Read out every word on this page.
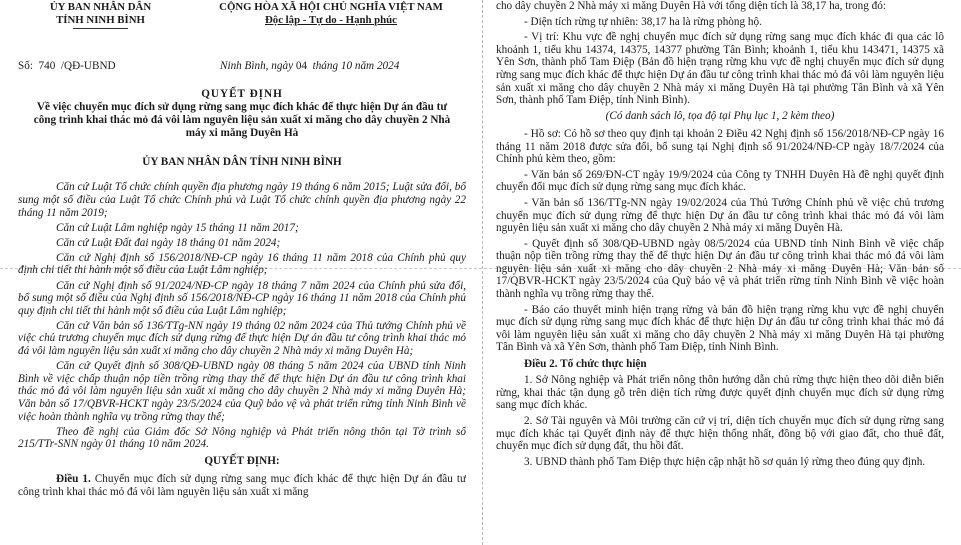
ỦY BAN NHÂN DÂN
TỈNH NINH BÌNH
CỘNG HÒA XÃ HỘI CHỦ NGHĨA VIỆT NAM
Độc lập - Tự do - Hạnh phúc
Số: 740 /QĐ-UBND	Ninh Bình, ngày 04 tháng 10 năm 2024
QUYẾT ĐỊNH
Về việc chuyển mục đích sử dụng rừng sang mục đích khác để thực hiện Dự án đầu tư công trình khai thác mỏ đá vôi làm nguyên liệu sản xuất xi măng cho dây chuyền 2 Nhà máy xi măng Duyên Hà
ỦY BAN NHÂN DÂN TỈNH NINH BÌNH

Căn cứ Luật Tổ chức chính quyền địa phương ngày 19 tháng 6 năm 2015; Luật sửa đổi, bổ sung một số điều của Luật Tổ chức Chính phủ và Luật Tổ chức chính quyền địa phương ngày 22 tháng 11 năm 2019;

Căn cứ Luật Lâm nghiệp ngày 15 tháng 11 năm 2017;

Căn cứ Luật Đất đai ngày 18 tháng 01 năm 2024;

Căn cứ Nghị định số 156/2018/NĐ-CP ngày 16 tháng 11 năm 2018 của Chính phủ quy định chi tiết thi hành một số điều của Luật Lâm nghiệp;

Căn cứ Nghị định số 91/2024/NĐ-CP ngày 18 tháng 7 năm 2024 của Chính phủ sửa đổi, bổ sung một số điều của Nghị định số 156/2018/NĐ-CP ngày 16 tháng 11 năm 2018 của Chính phủ quy định chi tiết thi hành một số điều của Luật Lâm nghiệp;

Căn cứ Văn bản số 136/TTg-NN ngày 19 tháng 02 năm 2024 của Thủ tướng Chính phủ về việc chủ trương chuyển mục đích sử dụng rừng để thực hiện Dự án đầu tư công trình khai thác mỏ đá vôi làm nguyên liệu sản xuất xi măng cho dây chuyền 2 Nhà máy xi măng Duyên Hà;

Căn cứ Quyết định số 308/QĐ-UBND ngày 08 tháng 5 năm 2024 của UBND tỉnh Ninh Bình về việc chấp thuận nộp tiền trồng rừng thay thế để thực hiện Dự án đầu tư công trình khai thác mỏ đá vôi làm nguyên liệu sản xuất xi măng cho dây chuyền 2 Nhà máy xi măng Duyên Hà; Văn bản số 17/QBVR-HCKT ngày 23/5/2024 của Quỹ bảo vệ và phát triển rừng tỉnh Ninh Bình về việc hoàn thành nghĩa vụ trồng rừng thay thế;

Theo đề nghị của Giám đốc Sở Nông nghiệp và Phát triển nông thôn tại Tờ trình số 215/TTr-SNN ngày 01 tháng 10 năm 2024.

QUYẾT ĐỊNH:

Điều 1. Chuyển mục đích sử dụng rừng sang mục đích khác để thực hiện Dự án đầu tư công trình khai thác mỏ đá vôi làm nguyên liệu sản xuất xi măng

cho dây chuyền 2 Nhà máy xi măng Duyên Hà với tổng diện tích là 38,17 ha, trong đó:

- Diện tích rừng tự nhiên: 38,17 ha là rừng phòng hộ.

- Vị trí: Khu vực đề nghị chuyển mục đích sử dụng rừng sang mục đích khác đi qua các lô khoảnh 1, tiểu khu 14374, 14375, 14377 phường Tân Bình; khoảnh 1, tiểu khu 143471, 14375 xã Yên Sơn, thành phố Tam Điệp (Bản đồ hiện trạng rừng khu vực đề nghị chuyển mục đích sử dụng rừng sang mục đích khác để thực hiện Dự án đầu tư công trình khai thác mỏ đá vôi làm nguyên liệu sản xuất xi măng cho dây chuyền 2 Nhà máy xi măng Duyên Hà tại phường Tân Bình và xã Yên Sơn, thành phố Tam Điệp, tỉnh Ninh Bình).

(Có danh sách lô, tọa độ tại Phụ lục 1, 2 kèm theo)

- Hồ sơ: Có hồ sơ theo quy định tại khoản 2 Điều 42 Nghị định số 156/2018/NĐ-CP ngày 16 tháng 11 năm 2018 được sửa đổi, bổ sung tại Nghị định số 91/2024/NĐ-CP ngày 18/7/2024 của Chính phủ kèm theo, gồm:

- Văn bản số 269/ĐN-CT ngày 19/9/2024 của Công ty TNHH Duyên Hà đề nghị quyết định chuyển đổi mục đích sử dụng rừng sang mục đích khác.

- Văn bản số 136/TTg-NN ngày 19/02/2024 của Thủ Tướng Chính phủ về việc chủ trương chuyển mục đích sử dụng rừng để thực hiện Dự án đầu tư công trình khai thác mỏ đá vôi làm nguyên liệu sản xuất xi măng cho dây chuyền 2 Nhà máy xi măng Duyên Hà.

- Quyết định số 308/QĐ-UBND ngày 08/5/2024 của UBND tỉnh Ninh Bình về việc chấp thuận nộp tiền trồng rừng thay thế để thực hiện Dự án đầu tư công trình khai thác mỏ đá vôi làm nguyên liệu sản xuất xi măng cho dây chuyền 2 Nhà máy xi măng Duyên Hà; Văn bản số 17/QBVR-HCKT ngày 23/5/2024 của Quỹ bảo vệ và phát triển rừng tỉnh Ninh Bình về việc hoàn thành nghĩa vụ trồng rừng thay thế.

- Báo cáo thuyết minh hiện trạng rừng và bản đồ hiện trạng rừng khu vực đề nghị chuyển mục đích sử dụng rừng sang mục đích khác để thực hiện Dự án đầu tư công trình khai thác mỏ đá vôi làm nguyên liệu sản xuất xi măng cho dây chuyền 2 Nhà máy xi măng Duyên Hà tại phường Tân Bình và xã Yên Sơn, thành phố Tam Điệp, tỉnh Ninh Bình.

Điều 2. Tổ chức thực hiện

1. Sở Nông nghiệp và Phát triển nông thôn hướng dẫn chủ rừng thực hiện theo dõi diễn biến rừng, khai thác tận dụng gỗ trên diện tích rừng được quyết định chuyển mục đích sử dụng rừng sang mục đích khác.

2. Sở Tài nguyên và Môi trường căn cứ vị trí, diện tích chuyển mục đích sử dụng rừng sang mục đích khác tại Quyết định này để thực hiện thống nhất, đồng bộ với giao đất, cho thuê đất, chuyển mục đích sử dụng đất, thu hồi đất.

3. UBND thành phố Tam Điệp thực hiện cập nhật hồ sơ quản lý rừng theo đúng quy định.
